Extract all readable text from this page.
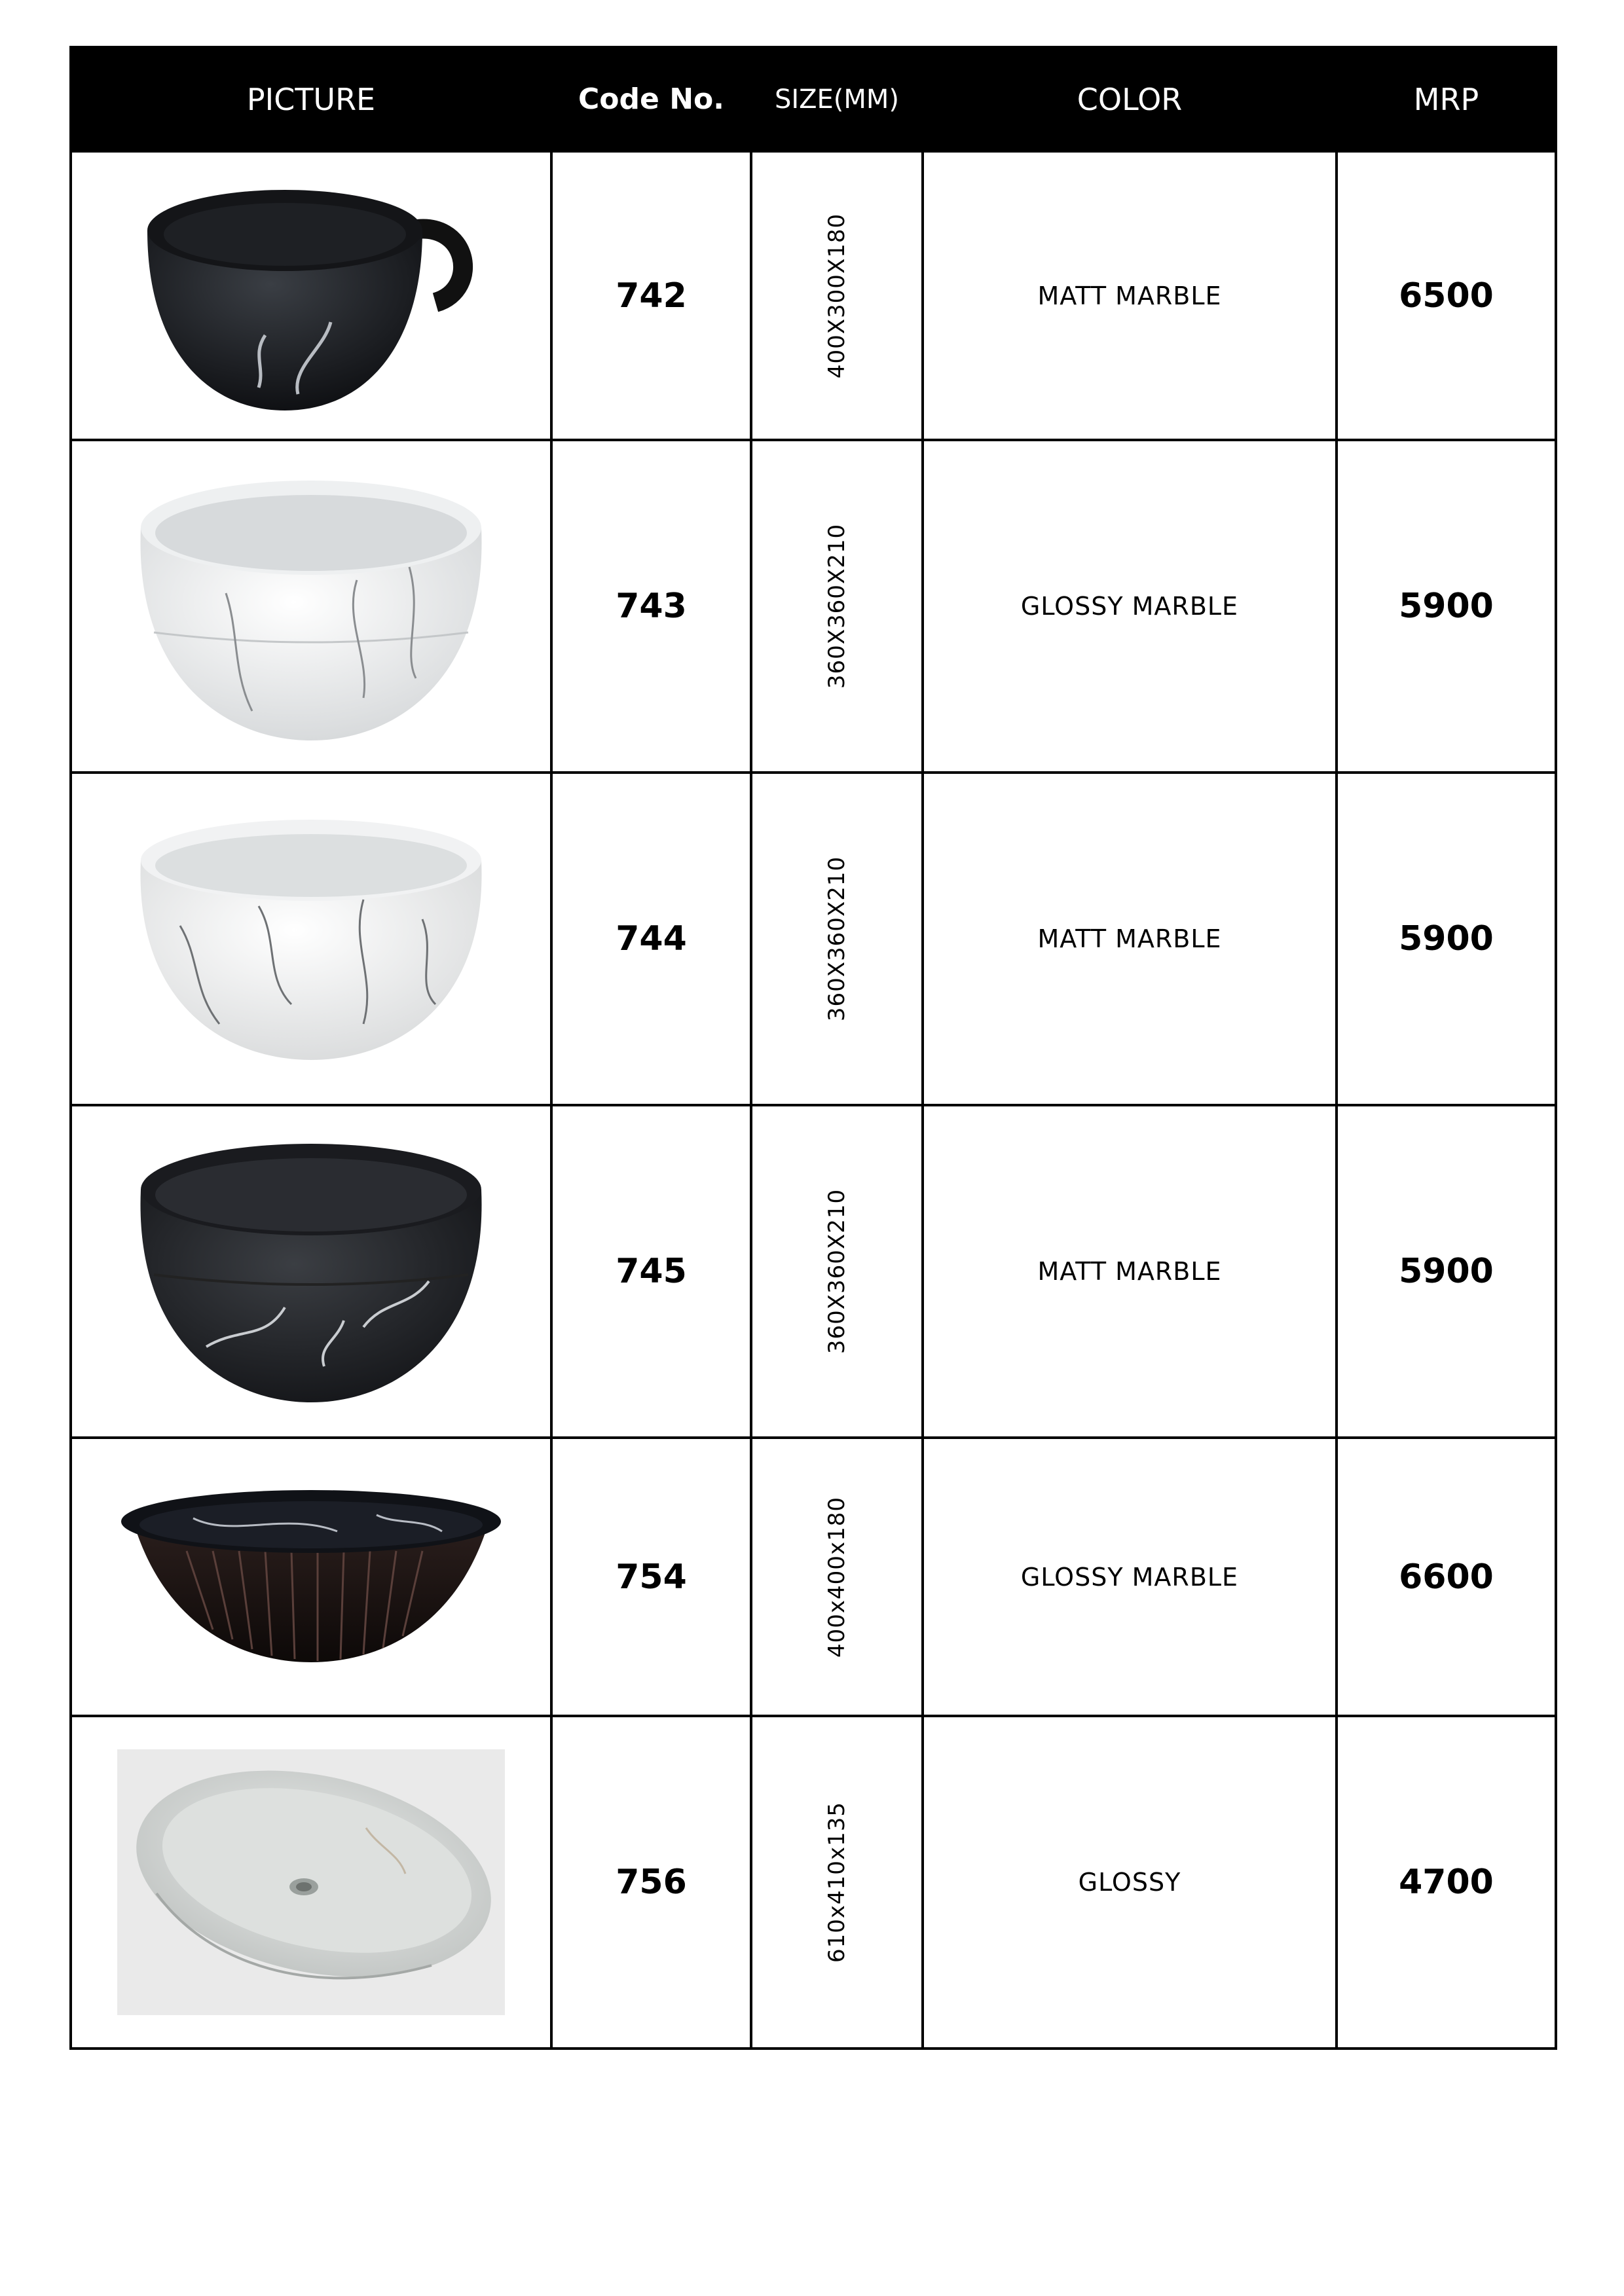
PICTURE	Code No.	SIZE(MM)	COLOR	MRP

	742	400X300X180	MATT MARBLE	6500

	743	360X360X210	GLOSSY MARBLE	5900

	744	360X360X210	MATT MARBLE	5900

	745	360X360X210	MATT MARBLE	5900

	754	400x400x180	GLOSSY MARBLE	6600

	756	610x410x135	GLOSSY	4700
